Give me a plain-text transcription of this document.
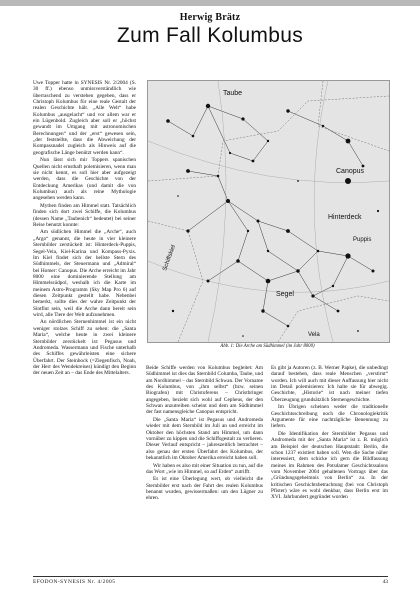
Herwig Brätz
Zum Fall Kolumbus

Uwe Topper hatte in SYNESIS Nr. 2/2004 (S. 30 ff.) ebenso unmissverständlich wie überraschend zu verstehen gegeben, dass er Christoph Kolumbus für eine reale Gestalt der realen Geschichte hält. „Alle Welt“ habe Kolumbus „ausgelacht“ und vor allem war er ein Lügenbold. Zugleich aber soll er „höchst gewandt im Umgang mit astronomischen Berechnungen“ und der „erst“ gewesen sein, „der feststellte, dass die Abweichung der Kompassnadel zugleich als Hinweis auf die geografische Länge benützt werden kann“.

Nun lässt sich mir Toppers spanischen Quellen nicht ernsthaft polemisieren, wenn man sie nicht kennt, es soll hier aber aufgezeigt werden, dass die Geschichte von der Entdeckung Amerikas (und damit die von Kolumbus) auch als reine Mythologie angesehen werden kann.

Mythen finden am Himmel statt. Tatsächlich finden sich dort zwei Schiffe, die Kolumbus (dessen Name „Taubenich“ bedeutet) bei seiner Reise benutzt konnte:

Am südlichen Himmel die „Arche“, auch „Argo“ genannt, die heute in vier kleinere Sternbilder zerstückelt ist: Hinterdeck-Puppis, Segel-Vela, Kiel-Karina und Kompass-Pyxis. Im Kiel findet sich der hellste Stern des Südhimmels, der Steuermann und „Admiral“ bei Homer: Canopus. Die Arche erreicht im Jahr 8000 eine dominierende Stellung am Himmelssüdpol, weshalb ich die Karte im meinem Astro-Programm (Sky Map Pro 6) auf diesen Zeitpunkt gestellt habe. Nebenbei bemerkt, sollte dies der wahre Zeitpunkt der Sintflut sein, weil die Arche dann bereit sein wird, alle Tiere der Welt aufzunehmen.

An nördlichen Sternenhimmel ist ein nicht weniger stolzes Schiff zu sehen: die „Santa Maria“, welche heute in zwei kleinere Sternbilder zerstückelt ist: Pegasus und Andromeda. Wassermann und Fische unterhalb des Schiffes gewährleisten eine sichere Überfahrt. Der Steinbock (=Ziegenfisch, Noah, der Herr des Wendekreises) kündigt den Beginn der neuen Zeit an – das Ende des Mittelalters.

Taube
Canopus
Schiffskiel
Segel
Hinterdeck
Vela
Puppis
Abb. 1: Die Arche am Südhimmel (im Jahr 8000)

Beide Schiffe werden von Kolumbus begleitet: Am Südhimmel ist dies das Sternbild Columba, Taube, und am Nordhimmel – das Sternbild Schwan. Der Vorname des Kolumbus, von „ihm selbst“ (bzw. seinen Biografen) mit Christoferens – Christbringer angegeben, bezieht sich wohl auf Cepheus, der den Schwan anzutreiben scheint und dem am Südhimmel der fast namensgleiche Canopus entspricht.

Die „Santa Maria“ ist Pegasus und Andromeda wieder mit dem Sternbild im Juli an und erreicht im Oktober den höchsten Stand am Himmel, um dann vornüber zu kippen und die Schiffsgestalt zu verlieren. Dieser Verlauf entspricht – jahreszeitlich betrachtet – also genau der ersten Überfahrt des Kolumbus, der bekanntlich im Oktober Amerika erreicht haben soll.

Wir haben es also mit einer Situation zu tun, auf die das Wort „wie im Himmel, so auf Erden“ zutrifft.

Es ist eine Überlegung wert, ob vielleicht die Sternbilder erst nach der Fahrt des realen Kolumbus benannt wurden, gewissermaßen: um den Lügner zu ehren.

Es gibt ja Autoren (z. B. Werner Papke), die unbedingt darauf bestehen, dass reale Menschen „verstirnt“ wurden. Ich will auch mit dieser Auffassung hier nicht im Detail polemisieren: Ich halte sie für abwegig. Geschichte, „Historie“ ist nach meiner tiefen Überzeugung grundsätzlich Sternengeschichte.

Im Übrigen scheinen weder die traditionelle Geschichtsschreibung noch die Chronologiekritik Argumente für eine nachträgliche Benennung zu liefern.

Die Identifikation der Sternbilder Pegasus und Andromeda mit der „Santa Maria“ ist z. B. möglich am Beispiel der deutschen Hauptstadt: Berlin, die schon 1237 existiert haben soll. Wen die Sache näher interessiert, dem schicke ich gern die Bildfassung meines im Rahmen des Potsdamer Geschichtssalons vom November 2004 gehaltenen Vortrags über das „Gründungsgeheimnis von Berlin“ zu. In der kritischen Geschichtsbetrachtung (bei von Christoph Pfister) wäre es wohl denkbar, dass Berlin erst im XVI. Jahrhundert gegründet worden

EFODON-SYNESIS Nr. 4/2005	43
